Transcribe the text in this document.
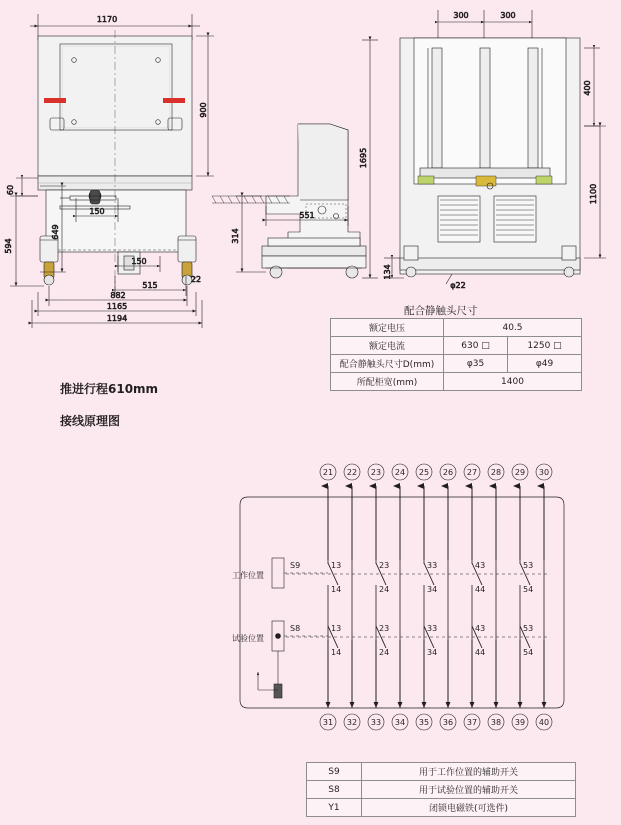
1170
900
60
594
649
150
150
22
515
882
1165
1194
1695
551
314
300	300
400
1100
134
φ22
21 22 23 24 25 26 27 28 29 30
31 32 33 34 35 36 37 38 39 40
13
14
23
24
33
34
43
44
53
54
13
14
23
24
33
34
43
44
53
54
S9
S8
工作位置
试验位置
配合静触头尺寸
额定电压	40.5	
额定电流	630 □	1250 □
配合静触头尺寸D(mm)	φ35	φ49
所配柜宽(mm)	1400	
推进行程610mm
接线原理图
S9	用于工作位置的辅助开关
S8	用于试验位置的辅助开关
Y1	闭锁电磁铁(可选件)
